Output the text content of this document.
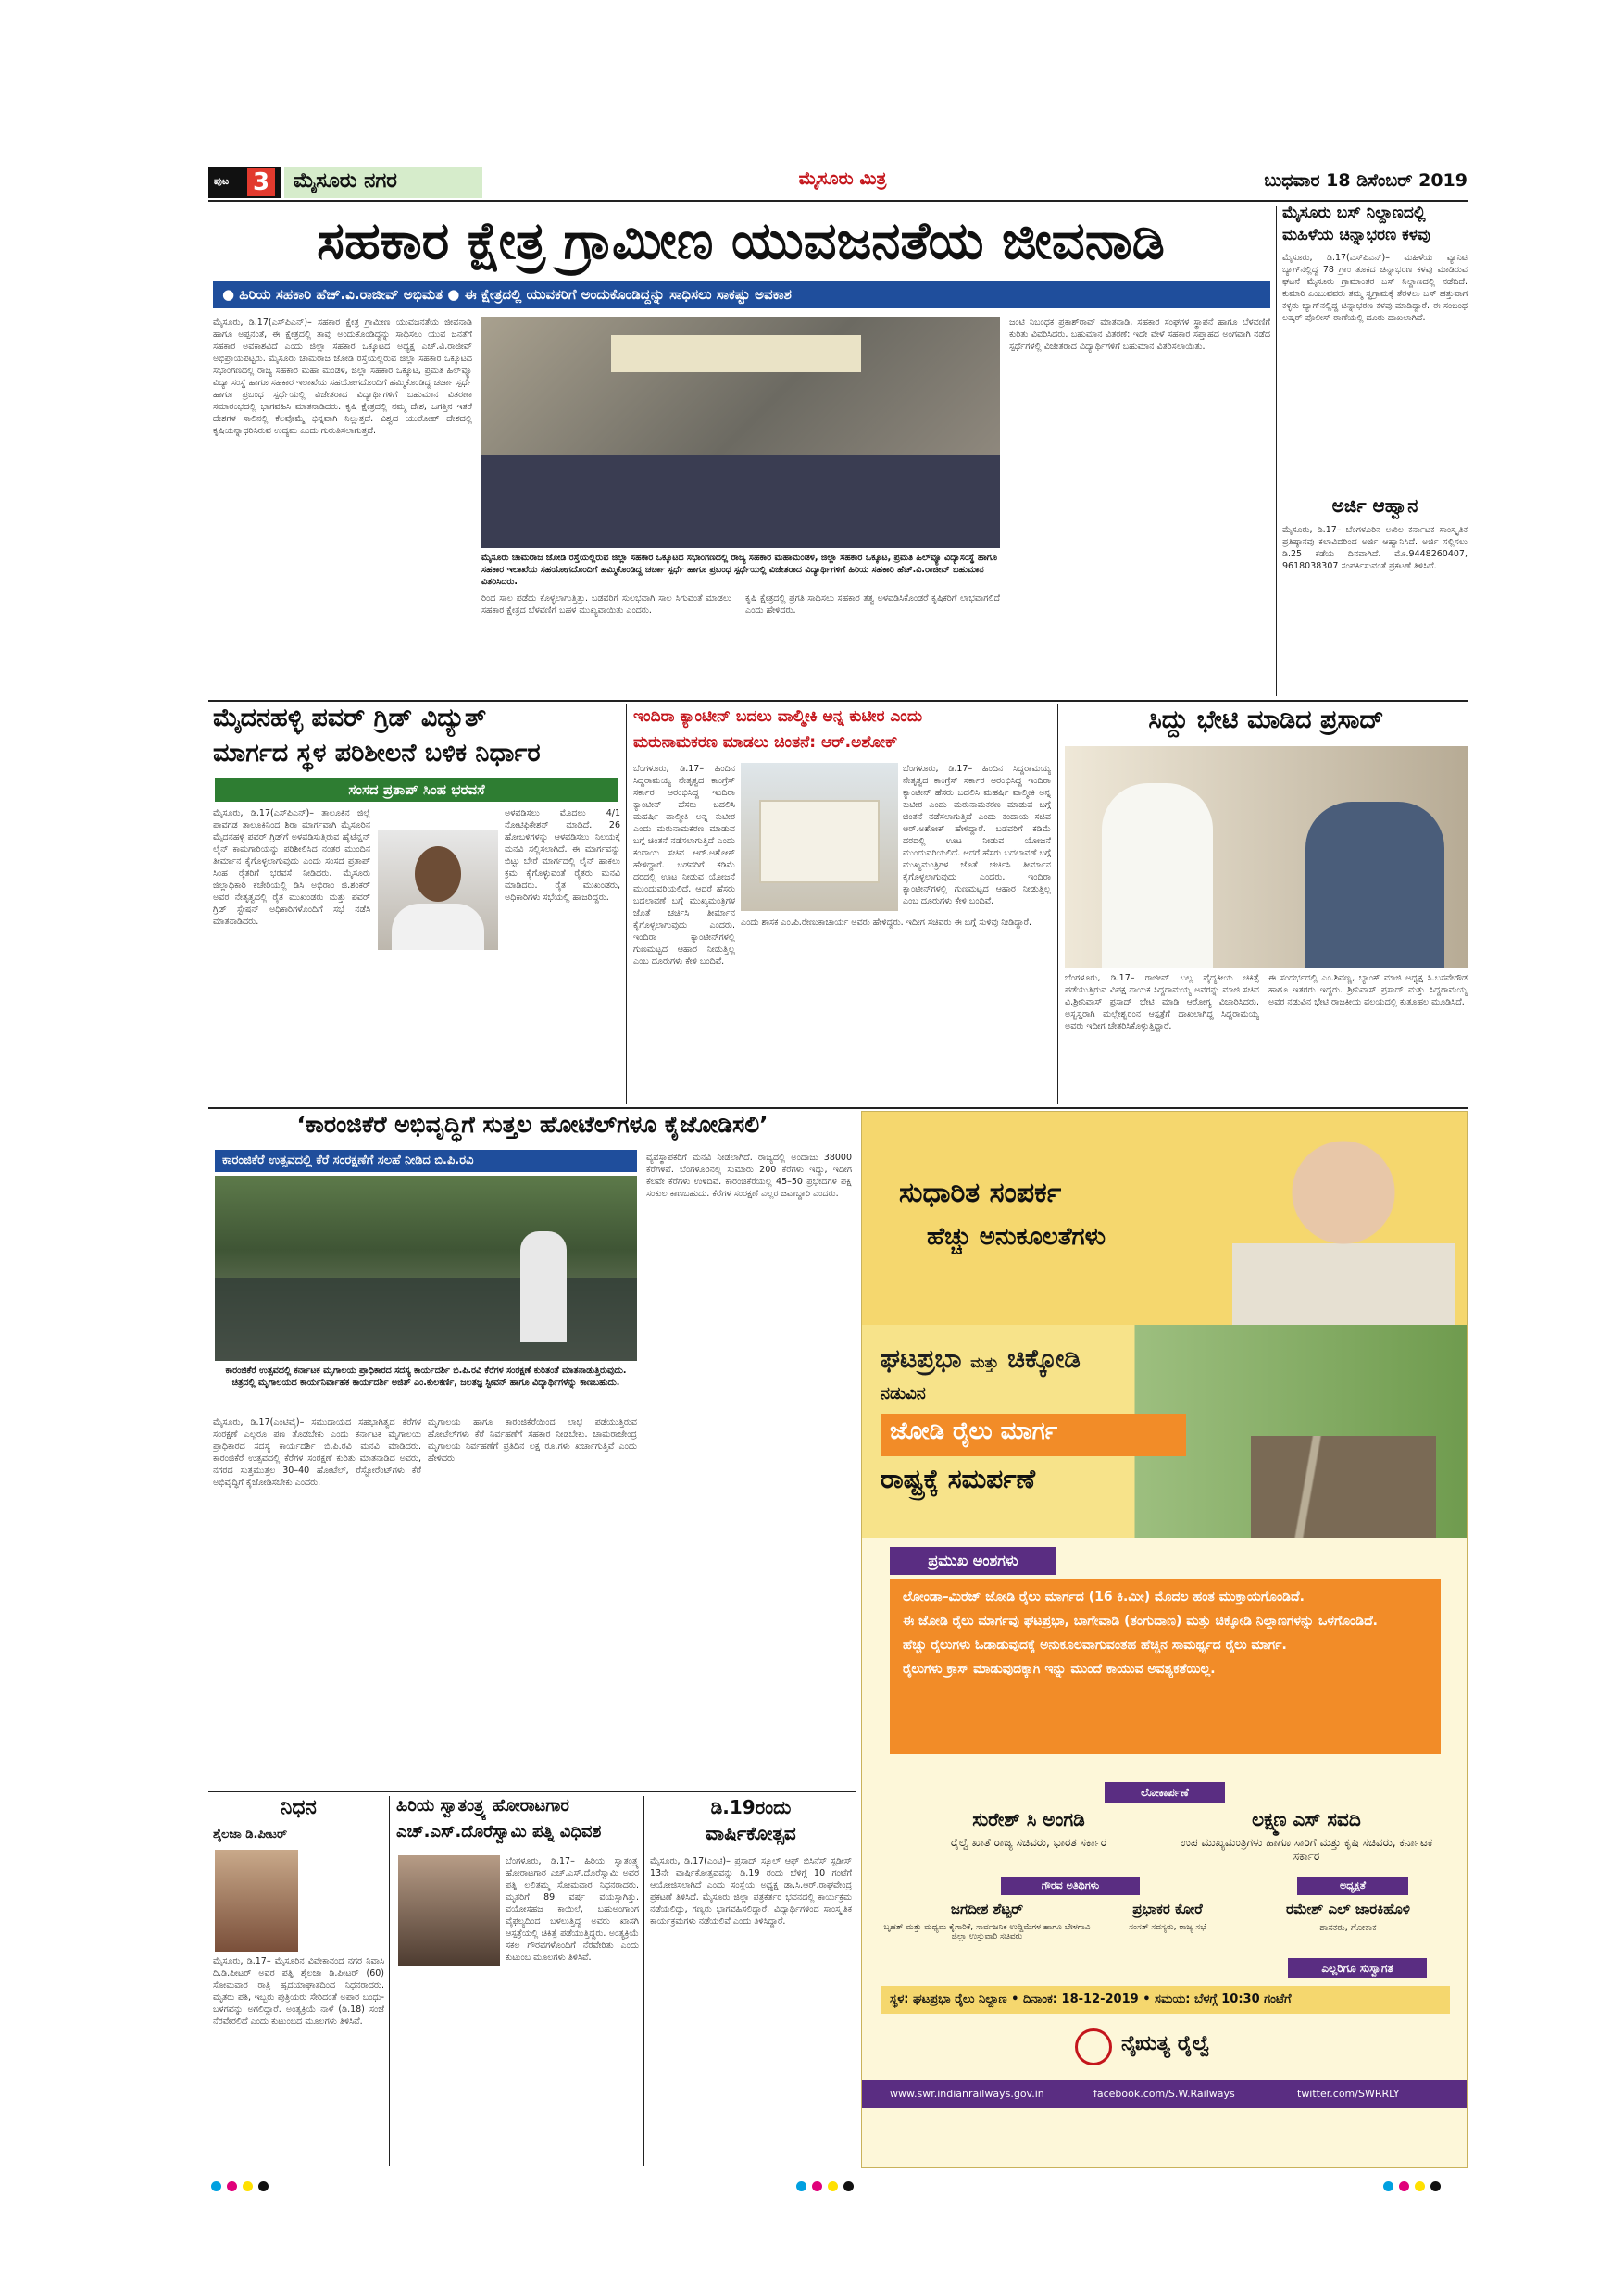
ಪುಟ 3	ಮೈಸೂರು ನಗರ	ಮೈಸೂರು ಮಿತ್ರ	ಬುಧವಾರ 18 ಡಿಸೆಂಬರ್ 2019
ಸಹಕಾರ ಕ್ಷೇತ್ರ ಗ್ರಾಮೀಣ ಯುವಜನತೆಯ ಜೀವನಾಡಿ
● ಹಿರಿಯ ಸಹಕಾರಿ ಹೆಚ್.ವಿ.ರಾಜೀವ್ ಅಭಿಮತ ● ಈ ಕ್ಷೇತ್ರದಲ್ಲಿ ಯುವಕರಿಗೆ ಅಂದುಕೊಂಡಿದ್ದನ್ನು ಸಾಧಿಸಲು ಸಾಕಷ್ಟು ಅವಕಾಶ
ಮೈಸೂರು, ಡಿ.17(ಎಸ್‌ಪಿಎನ್)– ಸಹಕಾರ ಕ್ಷೇತ್ರ ಗ್ರಾಮೀಣ ಯುವಜನತೆಯ ಜೀವನಾಡಿ ಹಾಗೂ ಅಪ್ಪನಂತೆ, ಈ ಕ್ಷೇತ್ರದಲ್ಲಿ ತಾವು ಅಂದುಕೊಂಡಿದ್ದನ್ನು ಸಾಧಿಸಲು ಯುವ ಜನತೆಗೆ ಸಹಕಾರ ಅವಕಾಶವಿದೆ ಎಂದು ಜಿಲ್ಲಾ ಸಹಕಾರ ಒಕ್ಕೂಟದ ಅಧ್ಯಕ್ಷ ಎಚ್.ವಿ.ರಾಜೀವ್ ಅಭಿಪ್ರಾಯಪಟ್ಟರು. ಮೈಸೂರು ಚಾಮರಾಜ ಜೋಡಿ ರಸ್ತೆಯಲ್ಲಿರುವ ಜಿಲ್ಲಾ ಸಹಕಾರ ಒಕ್ಕೂಟದ ಸಭಾಂಗಣದಲ್ಲಿ ರಾಜ್ಯ ಸಹಕಾರ ಮಹಾ ಮಂಡಳ, ಜಿಲ್ಲಾ ಸಹಕಾರ ಒಕ್ಕೂಟ, ಪ್ರಮತಿ ಹಿಲ್‌ವ್ಯೂ ವಿದ್ಯಾ ಸಂಸ್ಥೆ ಹಾಗೂ ಸಹಕಾರ ಇಲಾಖೆಯ ಸಹಯೋಗದೊಂದಿಗೆ ಹಮ್ಮಿಕೊಂಡಿದ್ದ ಚರ್ಚಾ ಸ್ಪರ್ಧೆ ಹಾಗೂ ಪ್ರಬಂಧ ಸ್ಪರ್ಧೆಯಲ್ಲಿ ವಿಜೇತರಾದ ವಿದ್ಯಾರ್ಥಿಗಳಿಗೆ ಬಹುಮಾನ ವಿತರಣಾ ಸಮಾರಂಭದಲ್ಲಿ ಭಾಗವಹಿಸಿ ಮಾತನಾಡಿದರು. ಕೃಷಿ ಕ್ಷೇತ್ರದಲ್ಲಿ ನಮ್ಮ ದೇಶ, ಜಗತ್ತಿನ ಇತರೆ ದೇಶಗಳ ಸಾಲಿನಲ್ಲಿ ಕೆಲವೊಮ್ಮೆ ಭಿನ್ನವಾಗಿ ನಿಲ್ಲುತ್ತದೆ. ವಿಶ್ವದ ಯುರೋಪ್ ದೇಶದಲ್ಲಿ ಕೃಷಿಯನ್ನಾಧರಿಸಿರುವ ಉದ್ಯಮ ಎಂದು ಗುರುತಿಸಲಾಗುತ್ತದೆ.
ಮೈಸೂರು ಚಾಮರಾಜ ಜೋಡಿ ರಸ್ತೆಯಲ್ಲಿರುವ ಜಿಲ್ಲಾ ಸಹಕಾರ ಒಕ್ಕೂಟದ ಸಭಾಂಗಣದಲ್ಲಿ ರಾಜ್ಯ ಸಹಕಾರ ಮಹಾಮಂಡಳ, ಜಿಲ್ಲಾ ಸಹಕಾರ ಒಕ್ಕೂಟ, ಪ್ರಮತಿ ಹಿಲ್‌ವ್ಯೂ ವಿದ್ಯಾಸಂಸ್ಥೆ ಹಾಗೂ ಸಹಕಾರ ಇಲಾಖೆಯ ಸಹಯೋಗದೊಂದಿಗೆ ಹಮ್ಮಿಕೊಂಡಿದ್ದ ಚರ್ಚಾ ಸ್ಪರ್ಧೆ ಹಾಗೂ ಪ್ರಬಂಧ ಸ್ಪರ್ಧೆಯಲ್ಲಿ ವಿಜೇತರಾದ ವಿದ್ಯಾರ್ಥಿಗಳಿಗೆ ಹಿರಿಯ ಸಹಕಾರಿ ಹೆಚ್.ವಿ.ರಾಜೀವ್ ಬಹುಮಾನ ವಿತರಿಸಿದರು.
ರಿಂದ ಸಾಲ ಪಡೆದು ಕೊಳ್ಳಲಾಗುತ್ತಿತ್ತು. ಬಡವರಿಗೆ ಸುಲಭವಾಗಿ ಸಾಲ ಸಿಗುವಂತೆ ಮಾಡಲು ಸಹಕಾರ ಕ್ಷೇತ್ರದ ಬೆಳವಣಿಗೆ ಬಹಳ ಮುಖ್ಯವಾಯಿತು ಎಂದರು.
ಕೃಷಿ ಕ್ಷೇತ್ರದಲ್ಲಿ ಪ್ರಗತಿ ಸಾಧಿಸಲು ಸಹಕಾರ ತತ್ವ ಅಳವಡಿಸಿಕೊಂಡರೆ ಕೃಷಿಕರಿಗೆ ಲಾಭವಾಗಲಿದೆ ಎಂದು ಹೇಳಿದರು.
ಜಂಟಿ ನಿಬಂಧಕ ಪ್ರಕಾಶ್‌ರಾವ್ ಮಾತನಾಡಿ, ಸಹಕಾರ ಸಂಘಗಳ ಸ್ಥಾಪನೆ ಹಾಗೂ ಬೆಳವಣಿಗೆ ಕುರಿತು ವಿವರಿಸಿದರು. ಬಹುಮಾನ ವಿತರಣೆ: ಇದೇ ವೇಳೆ ಸಹಕಾರ ಸಪ್ತಾಹದ ಅಂಗವಾಗಿ ನಡೆದ ಸ್ಪರ್ಧೆಗಳಲ್ಲಿ ವಿಜೇತರಾದ ವಿದ್ಯಾರ್ಥಿಗಳಿಗೆ ಬಹುಮಾನ ವಿತರಿಸಲಾಯಿತು.
ಮೈಸೂರು ಬಸ್ ನಿಲ್ದಾಣದಲ್ಲಿ ಮಹಿಳೆಯ ಚಿನ್ನಾಭರಣ ಕಳವು
ಮೈಸೂರು, ಡಿ.17(ಎಸ್‌ಪಿಎನ್)– ಮಹಿಳೆಯ ವ್ಯಾನಿಟಿ ಬ್ಯಾಗ್‌ನಲ್ಲಿದ್ದ 78 ಗ್ರಾಂ ತೂಕದ ಚಿನ್ನಾಭರಣ ಕಳವು ಮಾಡಿರುವ ಘಟನೆ ಮೈಸೂರು ಗ್ರಾಮಾಂತರ ಬಸ್ ನಿಲ್ದಾಣದಲ್ಲಿ ನಡೆದಿದೆ. ಕುಮಾರಿ ಎಂಬುವವರು ತಮ್ಮ ಸ್ವಗ್ರಾಮಕ್ಕೆ ತೆರಳಲು ಬಸ್ ಹತ್ತುವಾಗ ಕಳ್ಳರು ಬ್ಯಾಗ್‌ನಲ್ಲಿದ್ದ ಚಿನ್ನಾಭರಣ ಕಳವು ಮಾಡಿದ್ದಾರೆ. ಈ ಸಂಬಂಧ ಲಷ್ಕರ್ ಪೊಲೀಸ್ ಠಾಣೆಯಲ್ಲಿ ದೂರು ದಾಖಲಾಗಿದೆ.
ಅರ್ಜಿ ಆಹ್ವಾನ
ಮೈಸೂರು, ಡಿ.17– ಬೆಂಗಳೂರಿನ ಅಖಿಲ ಕರ್ನಾಟಕ ಸಾಂಸ್ಕೃತಿಕ ಪ್ರತಿಷ್ಠಾನವು ಕಲಾವಿದರಿಂದ ಅರ್ಜಿ ಆಹ್ವಾನಿಸಿದೆ. ಅರ್ಜಿ ಸಲ್ಲಿಸಲು ಡಿ.25 ಕಡೆಯ ದಿನವಾಗಿದೆ. ಮೊ.9448260407, 9618038307 ಸಂಪರ್ಕಿಸುವಂತೆ ಪ್ರಕಟಣೆ ತಿಳಿಸಿದೆ.
ಮೈದನಹಳ್ಳಿ ಪವರ್ ಗ್ರಿಡ್ ವಿದ್ಯುತ್
ಮಾರ್ಗದ ಸ್ಥಳ ಪರಿಶೀಲನೆ ಬಳಿಕ ನಿರ್ಧಾರ
ಸಂಸದ ಪ್ರತಾಪ್ ಸಿಂಹ ಭರವಸೆ
ಮೈಸೂರು, ಡಿ.17(ಎಸ್‌ಪಿಎನ್)– ತಾಲೂಕಿನ ಜಿಲ್ಲೆ ಪಾವಗಡ ತಾಲೂಕಿನಿಂದ ಶಿರಾ ಮಾರ್ಗವಾಗಿ ಮೈಸೂರಿನ ಮೈದನಹಳ್ಳಿ ಪವರ್ ಗ್ರಿಡ್‌ಗೆ ಅಳವಡಿಸುತ್ತಿರುವ ಹೈಟೆನ್ಷನ್ ಲೈನ್ ಕಾಮಗಾರಿಯನ್ನು ಪರಿಶೀಲಿಸಿದ ನಂತರ ಮುಂದಿನ ತೀರ್ಮಾನ ಕೈಗೊಳ್ಳಲಾಗುವುದು ಎಂದು ಸಂಸದ ಪ್ರತಾಪ್ ಸಿಂಹ ರೈತರಿಗೆ ಭರವಸೆ ನೀಡಿದರು. ಮೈಸೂರು ಜಿಲ್ಲಾಧಿಕಾರಿ ಕಚೇರಿಯಲ್ಲಿ ಡಿಸಿ ಅಭಿರಾಂ ಜಿ.ಶಂಕರ್ ಅವರ ನೇತೃತ್ವದಲ್ಲಿ ರೈತ ಮುಖಂಡರು ಮತ್ತು ಪವರ್ ಗ್ರಿಡ್ ಸ್ಟೇಷನ್ ಅಧಿಕಾರಿಗಳೊಂದಿಗೆ ಸಭೆ ನಡೆಸಿ ಮಾತನಾಡಿದರು.
ಅಳವಡಿಸಲು ಮೊದಲು 4/1 ನೋಟಿಫಿಕೇಶನ್ ಮಾಡಿದೆ. 26 ಹೋಬಳಿಗಳನ್ನು ಆಳವಡಿಸಲು ನಿಲಯಕ್ಕೆ ಮನವಿ ಸಲ್ಲಿಸಲಾಗಿದೆ. ಈ ಮಾರ್ಗವನ್ನು ಬಿಟ್ಟು ಬೇರೆ ಮಾರ್ಗದಲ್ಲಿ ಲೈನ್ ಹಾಕಲು ಕ್ರಮ ಕೈಗೊಳ್ಳುವಂತೆ ರೈತರು ಮನವಿ ಮಾಡಿದರು. ರೈತ ಮುಖಂಡರು, ಅಧಿಕಾರಿಗಳು ಸಭೆಯಲ್ಲಿ ಹಾಜರಿದ್ದರು.
ಇಂದಿರಾ ಕ್ಯಾಂಟೀನ್ ಬದಲು ವಾಲ್ಮೀಕಿ ಅನ್ನ ಕುಟೀರ ಎಂದು
ಮರುನಾಮಕರಣ ಮಾಡಲು ಚಿಂತನೆ: ಆರ್.ಅಶೋಕ್
ಬೆಂಗಳೂರು, ಡಿ.17– ಹಿಂದಿನ ಸಿದ್ದರಾಮಯ್ಯ ನೇತೃತ್ವದ ಕಾಂಗ್ರೆಸ್ ಸರ್ಕಾರ ಆರಂಭಿಸಿದ್ದ ಇಂದಿರಾ ಕ್ಯಾಂಟೀನ್ ಹೆಸರು ಬದಲಿಸಿ ಮಹರ್ಷಿ ವಾಲ್ಮೀಕಿ ಅನ್ನ ಕುಟೀರ ಎಂದು ಮರುನಾಮಕರಣ ಮಾಡುವ ಬಗ್ಗೆ ಚಿಂತನೆ ನಡೆಸಲಾಗುತ್ತಿದೆ ಎಂದು ಕಂದಾಯ ಸಚಿವ ಆರ್.ಅಶೋಕ್ ಹೇಳಿದ್ದಾರೆ. ಬಡವರಿಗೆ ಕಡಿಮೆ ದರದಲ್ಲಿ ಊಟ ನೀಡುವ ಯೋಜನೆ ಮುಂದುವರಿಯಲಿದೆ. ಆದರೆ ಹೆಸರು ಬದಲಾವಣೆ ಬಗ್ಗೆ ಮುಖ್ಯಮಂತ್ರಿಗಳ ಜೊತೆ ಚರ್ಚಿಸಿ ತೀರ್ಮಾನ ಕೈಗೊಳ್ಳಲಾಗುವುದು ಎಂದರು. ಇಂದಿರಾ ಕ್ಯಾಂಟೀನ್‌ಗಳಲ್ಲಿ ಗುಣಮಟ್ಟದ ಆಹಾರ ನೀಡುತ್ತಿಲ್ಲ ಎಂಬ ದೂರುಗಳು ಕೇಳಿ ಬಂದಿವೆ.
ಎಂದು ಶಾಸಕ ಎಂ.ಪಿ.ರೇಣುಕಾಚಾರ್ಯ ಅವರು ಹೇಳಿದ್ದರು. ಇದೀಗ ಸಚಿವರು ಈ ಬಗ್ಗೆ ಸುಳಿವು ನೀಡಿದ್ದಾರೆ.
ಬೆಂಗಳೂರು, ಡಿ.17– ಹಿಂದಿನ ಸಿದ್ದರಾಮಯ್ಯ ನೇತೃತ್ವದ ಕಾಂಗ್ರೆಸ್ ಸರ್ಕಾರ ಆರಂಭಿಸಿದ್ದ ಇಂದಿರಾ ಕ್ಯಾಂಟೀನ್ ಹೆಸರು ಬದಲಿಸಿ ಮಹರ್ಷಿ ವಾಲ್ಮೀಕಿ ಅನ್ನ ಕುಟೀರ ಎಂದು ಮರುನಾಮಕರಣ ಮಾಡುವ ಬಗ್ಗೆ ಚಿಂತನೆ ನಡೆಸಲಾಗುತ್ತಿದೆ ಎಂದು ಕಂದಾಯ ಸಚಿವ ಆರ್.ಅಶೋಕ್ ಹೇಳಿದ್ದಾರೆ. ಬಡವರಿಗೆ ಕಡಿಮೆ ದರದಲ್ಲಿ ಊಟ ನೀಡುವ ಯೋಜನೆ ಮುಂದುವರಿಯಲಿದೆ. ಆದರೆ ಹೆಸರು ಬದಲಾವಣೆ ಬಗ್ಗೆ ಮುಖ್ಯಮಂತ್ರಿಗಳ ಜೊತೆ ಚರ್ಚಿಸಿ ತೀರ್ಮಾನ ಕೈಗೊಳ್ಳಲಾಗುವುದು ಎಂದರು. ಇಂದಿರಾ ಕ್ಯಾಂಟೀನ್‌ಗಳಲ್ಲಿ ಗುಣಮಟ್ಟದ ಆಹಾರ ನೀಡುತ್ತಿಲ್ಲ ಎಂಬ ದೂರುಗಳು ಕೇಳಿ ಬಂದಿವೆ.
ಸಿದ್ದು ಭೇಟಿ ಮಾಡಿದ ಪ್ರಸಾದ್
ಬೆಂಗಳೂರು, ಡಿ.17– ರಾಜೀವ್ ಬಲ್ಲ ವೈದ್ಯಕೀಯ ಚಿಕಿತ್ಸೆ ಪಡೆಯುತ್ತಿರುವ ವಿಪಕ್ಷ ನಾಯಕ ಸಿದ್ದರಾಮಯ್ಯ ಅವರನ್ನು ಮಾಜಿ ಸಚಿವ ವಿ.ಶ್ರೀನಿವಾಸ್ ಪ್ರಸಾದ್ ಭೇಟಿ ಮಾಡಿ ಆರೋಗ್ಯ ವಿಚಾರಿಸಿದರು. ಅಸ್ವಸ್ಥರಾಗಿ ಮಲ್ಲೇಶ್ವರಂನ ಆಸ್ಪತ್ರೆಗೆ ದಾಖಲಾಗಿದ್ದ ಸಿದ್ದರಾಮಯ್ಯ ಅವರು ಇದೀಗ ಚೇತರಿಸಿಕೊಳ್ಳುತ್ತಿದ್ದಾರೆ.
ಈ ಸಂದರ್ಭದಲ್ಲಿ ಎಂ.ಶಿವಣ್ಣ, ಬ್ಯಾಂಕ್ ಮಾಜಿ ಅಧ್ಯಕ್ಷ ಸಿ.ಬಸವೇಗೌಡ ಹಾಗೂ ಇತರರು ಇದ್ದರು. ಶ್ರೀನಿವಾಸ್ ಪ್ರಸಾದ್ ಮತ್ತು ಸಿದ್ದರಾಮಯ್ಯ ಅವರ ನಡುವಿನ ಭೇಟಿ ರಾಜಕೀಯ ವಲಯದಲ್ಲಿ ಕುತೂಹಲ ಮೂಡಿಸಿದೆ.
‘ಕಾರಂಜಿಕೆರೆ ಅಭಿವೃದ್ಧಿಗೆ ಸುತ್ತಲ ಹೋಟೆಲ್‌ಗಳೂ ಕೈಜೋಡಿಸಲಿ’
ಕಾರಂಜಿಕೆರೆ ಉತ್ಸವದಲ್ಲಿ ಕೆರೆ ಸಂರಕ್ಷಣೆಗೆ ಸಲಹೆ ನೀಡಿದ ಬಿ.ಪಿ.ರವಿ
ಕಾರಂಜಿಕೆರೆ ಉತ್ಸವದಲ್ಲಿ ಕರ್ನಾಟಕ ಮೃಗಾಲಯ ಪ್ರಾಧಿಕಾರದ ಸದಸ್ಯ ಕಾರ್ಯದರ್ಶಿ ಬಿ.ಪಿ.ರವಿ ಕೆರೆಗಳ ಸಂರಕ್ಷಣೆ ಕುರಿತಂತೆ ಮಾತನಾಡುತ್ತಿರುವುದು. ಚಿತ್ರದಲ್ಲಿ ಮೃಗಾಲಯದ ಕಾರ್ಯನಿರ್ವಾಹಕ ಕಾರ್ಯದರ್ಶಿ ಅಜಿತ್ ಎಂ.ಕುಲಕರ್ಣಿ, ಜಲತಜ್ಞ ಸ್ಟೀವನ್ ಹಾಗೂ ವಿದ್ಯಾರ್ಥಿಗಳನ್ನು ಕಾಣಬಹುದು.
ಮೈಸೂರು, ಡಿ.17(ಎಂಟಿವೈ)– ಸಮುದಾಯದ ಸಹಭಾಗಿತ್ವದ ಕೆರೆಗಳ ಸಂರಕ್ಷಣೆ ಎಲ್ಲರೂ ಪಣ ತೊಡಬೇಕು ಎಂದು ಕರ್ನಾಟಕ ಮೃಗಾಲಯ ಪ್ರಾಧಿಕಾರದ ಸದಸ್ಯ ಕಾರ್ಯದರ್ಶಿ ಬಿ.ಪಿ.ರವಿ ಮನವಿ ಮಾಡಿದರು. ಕಾರಂಜಿಕೆರೆ ಉತ್ಸವದಲ್ಲಿ ಕೆರೆಗಳ ಸಂರಕ್ಷಣೆ ಕುರಿತು ಮಾತನಾಡಿದ ಅವರು, ನಗರದ ಸುತ್ತಮುತ್ತಲ 30–40 ಹೋಟೆಲ್, ರೆಸ್ಟೋರೆಂಟ್‌ಗಳು ಕೆರೆ ಅಭಿವೃದ್ಧಿಗೆ ಕೈಜೋಡಿಸಬೇಕು ಎಂದರು.
ಮೃಗಾಲಯ ಹಾಗೂ ಕಾರಂಜಿಕೆರೆಯಿಂದ ಲಾಭ ಪಡೆಯುತ್ತಿರುವ ಹೋಟೆಲ್‌ಗಳು ಕೆರೆ ನಿರ್ವಹಣೆಗೆ ಸಹಕಾರ ನೀಡಬೇಕು. ಚಾಮರಾಜೇಂದ್ರ ಮೃಗಾಲಯ ನಿರ್ವಹಣೆಗೆ ಪ್ರತಿದಿನ ಲಕ್ಷ ರೂ.ಗಳು ಖರ್ಚಾಗುತ್ತಿವೆ ಎಂದು ಹೇಳಿದರು.
ವ್ಯವಸ್ಥಾಪಕರಿಗೆ ಮನವಿ ನೀಡಲಾಗಿದೆ. ರಾಜ್ಯದಲ್ಲಿ ಅಂದಾಜು 38000 ಕೆರೆಗಳಿವೆ. ಬೆಂಗಳೂರಿನಲ್ಲಿ ಸುಮಾರು 200 ಕೆರೆಗಳು ಇದ್ದು, ಇದೀಗ ಕೆಲವೇ ಕೆರೆಗಳು ಉಳಿದಿವೆ. ಕಾರಂಜಿಕೆರೆಯಲ್ಲಿ 45–50 ಪ್ರಭೇದಗಳ ಪಕ್ಷಿ ಸಂಕುಲ ಕಾಣಬಹುದು. ಕೆರೆಗಳ ಸಂರಕ್ಷಣೆ ಎಲ್ಲರ ಜವಾಬ್ದಾರಿ ಎಂದರು.
ನಿಧನ
ಶೈಲಜಾ ಡಿ.ಪೀಟರ್
ಮೈಸೂರು, ಡಿ.17– ಮೈಸೂರಿನ ವಿವೇಕಾನಂದ ನಗರ ನಿವಾಸಿ ದಿ.ಡಿ.ಪೀಟರ್ ಅವರ ಪತ್ನಿ ಶೈಲಜಾ ಡಿ.ಪೀಟರ್ (60) ಸೋಮವಾರ ರಾತ್ರಿ ಹೃದಯಾಘಾತದಿಂದ ನಿಧನರಾದರು. ಮೃತರು ಪತಿ, ಇಬ್ಬರು ಪುತ್ರಿಯರು ಸೇರಿದಂತೆ ಅಪಾರ ಬಂಧು-ಬಳಗವನ್ನು ಅಗಲಿದ್ದಾರೆ. ಅಂತ್ಯಕ್ರಿಯೆ ನಾಳೆ (ಡಿ.18) ಸಂಜೆ ನೆರವೇರಲಿದೆ ಎಂದು ಕುಟುಂಬದ ಮೂಲಗಳು ತಿಳಿಸಿವೆ.
ಹಿರಿಯ ಸ್ವಾತಂತ್ರ್ಯ ಹೋರಾಟಗಾರ
ಎಚ್.ಎಸ್.ದೊರೆಸ್ವಾಮಿ ಪತ್ನಿ ವಿಧಿವಶ
ಬೆಂಗಳೂರು, ಡಿ.17– ಹಿರಿಯ ಸ್ವಾತಂತ್ರ್ಯ ಹೋರಾಟಗಾರ ಎಚ್.ಎಸ್.ದೊರೆಸ್ವಾಮಿ ಅವರ ಪತ್ನಿ ಲಲಿತಮ್ಮ ಸೋಮವಾರ ನಿಧನರಾದರು. ಮೃತರಿಗೆ 89 ವರ್ಷ ವಯಸ್ಸಾಗಿತ್ತು. ವಯೋಸಹಜ ಕಾಯಿಲೆ, ಬಹುಅಂಗಾಂಗ ವೈಫಲ್ಯದಿಂದ ಬಳಲುತ್ತಿದ್ದ ಅವರು ಖಾಸಗಿ ಆಸ್ಪತ್ರೆಯಲ್ಲಿ ಚಿಕಿತ್ಸೆ ಪಡೆಯುತ್ತಿದ್ದರು. ಅಂತ್ಯಕ್ರಿಯೆ ಸಕಲ ಗೌರವಗಳೊಂದಿಗೆ ನೆರವೇರಿತು ಎಂದು ಕುಟುಂಬ ಮೂಲಗಳು ತಿಳಿಸಿವೆ.
ಡಿ.19ರಂದು
ವಾರ್ಷಿಕೋತ್ಸವ
ಮೈಸೂರು, ಡಿ.17(ಎಂಟಿ)– ಪ್ರಸಾದ್ ಸ್ಕೂಲ್ ಆಫ್ ಬಿಸಿನೆಸ್ ಸ್ಟಡೀಸ್ 13ನೇ ವಾರ್ಷಿಕೋತ್ಸವವನ್ನು ಡಿ.19 ರಂದು ಬೆಳಿಗ್ಗೆ 10 ಗಂಟೆಗೆ ಆಯೋಜಿಸಲಾಗಿದೆ ಎಂದು ಸಂಸ್ಥೆಯ ಅಧ್ಯಕ್ಷ ಡಾ.ಸಿ.ಆರ್.ರಾಘವೇಂದ್ರ ಪ್ರಕಟಣೆ ತಿಳಿಸಿದೆ. ಮೈಸೂರು ಜಿಲ್ಲಾ ಪತ್ರಕರ್ತರ ಭವನದಲ್ಲಿ ಕಾರ್ಯಕ್ರಮ ನಡೆಯಲಿದ್ದು, ಗಣ್ಯರು ಭಾಗವಹಿಸಲಿದ್ದಾರೆ. ವಿದ್ಯಾರ್ಥಿಗಳಿಂದ ಸಾಂಸ್ಕೃತಿಕ ಕಾರ್ಯಕ್ರಮಗಳು ನಡೆಯಲಿವೆ ಎಂದು ತಿಳಿಸಿದ್ದಾರೆ.
ಸುಧಾರಿತ ಸಂಪರ್ಕ
ಹೆಚ್ಚು ಅನುಕೂಲತೆಗಳು
ಘಟಪ್ರಭಾ ಮತ್ತು ಚಿಕ್ಕೋಡಿ
ನಡುವಿನ
ಜೋಡಿ ರೈಲು ಮಾರ್ಗ
ರಾಷ್ಟ್ರಕ್ಕೆ ಸಮರ್ಪಣೆ
ಪ್ರಮುಖ ಅಂಶಗಳು
ಲೋಂಡಾ–ಮಿರಜ್ ಜೋಡಿ ರೈಲು ಮಾರ್ಗದ (16 ಕಿ.ಮೀ) ಮೊದಲ ಹಂತ ಮುಕ್ತಾಯಗೊಂಡಿದೆ.
ಈ ಜೋಡಿ ರೈಲು ಮಾರ್ಗವು ಘಟಪ್ರಭಾ, ಬಾಗೇವಾಡಿ (ತಂಗುದಾಣ) ಮತ್ತು ಚಿಕ್ಕೋಡಿ ನಿಲ್ದಾಣಗಳನ್ನು ಒಳಗೊಂಡಿದೆ.
ಹೆಚ್ಚು ರೈಲುಗಳು ಓಡಾಡುವುದಕ್ಕೆ ಅನುಕೂಲವಾಗುವಂತಹ ಹೆಚ್ಚಿನ ಸಾಮರ್ಥ್ಯದ ರೈಲು ಮಾರ್ಗ.
ರೈಲುಗಳು ಕ್ರಾಸ್ ಮಾಡುವುದಕ್ಕಾಗಿ ಇನ್ನು ಮುಂದೆ ಕಾಯುವ ಅವಶ್ಯಕತೆಯಿಲ್ಲ.
ಲೋಕಾರ್ಪಣೆ
ಸುರೇಶ್ ಸಿ ಅಂಗಡಿ
ರೈಲ್ವೆ ಖಾತೆ ರಾಜ್ಯ ಸಚಿವರು, ಭಾರತ ಸರ್ಕಾರ
ಲಕ್ಷ್ಮಣ ಎಸ್ ಸವದಿ
ಉಪ ಮುಖ್ಯಮಂತ್ರಿಗಳು ಹಾಗೂ ಸಾರಿಗೆ ಮತ್ತು ಕೃಷಿ ಸಚಿವರು, ಕರ್ನಾಟಕ ಸರ್ಕಾರ
ಗೌರವ ಅತಿಥಿಗಳು	ಅಧ್ಯಕ್ಷತೆ
ಜಗದೀಶ ಶೆಟ್ಟರ್
ಬೃಹತ್ ಮತ್ತು ಮಧ್ಯಮ ಕೈಗಾರಿಕೆ, ಸಾರ್ವಜನಿಕ ಉದ್ದಿಮೆಗಳ ಹಾಗೂ ಬೇಳಗಾವಿ ಜಿಲ್ಲಾ ಉಸ್ತುವಾರಿ ಸಚಿವರು
ಪ್ರಭಾಕರ ಕೋರೆ
ಸಂಸತ್ ಸದಸ್ಯರು, ರಾಜ್ಯ ಸಭೆ
ರಮೇಶ್ ಎಲ್ ಜಾರಕಿಹೊಳಿ
ಶಾಸಕರು, ಗೋಕಾಕ
ಎಲ್ಲರಿಗೂ ಸುಸ್ವಾಗತ
ಸ್ಥಳ: ಘಟಪ್ರಭಾ ರೈಲು ನಿಲ್ದಾಣ • ದಿನಾಂಕ: 18-12-2019 • ಸಮಯ: ಬೆಳಗ್ಗೆ 10:30 ಗಂಟೆಗೆ
ನೈಋತ್ಯ ರೈಲ್ವೆ
www.swr.indianrailways.gov.in	facebook.com/S.W.Railways	twitter.com/SWRRLY
